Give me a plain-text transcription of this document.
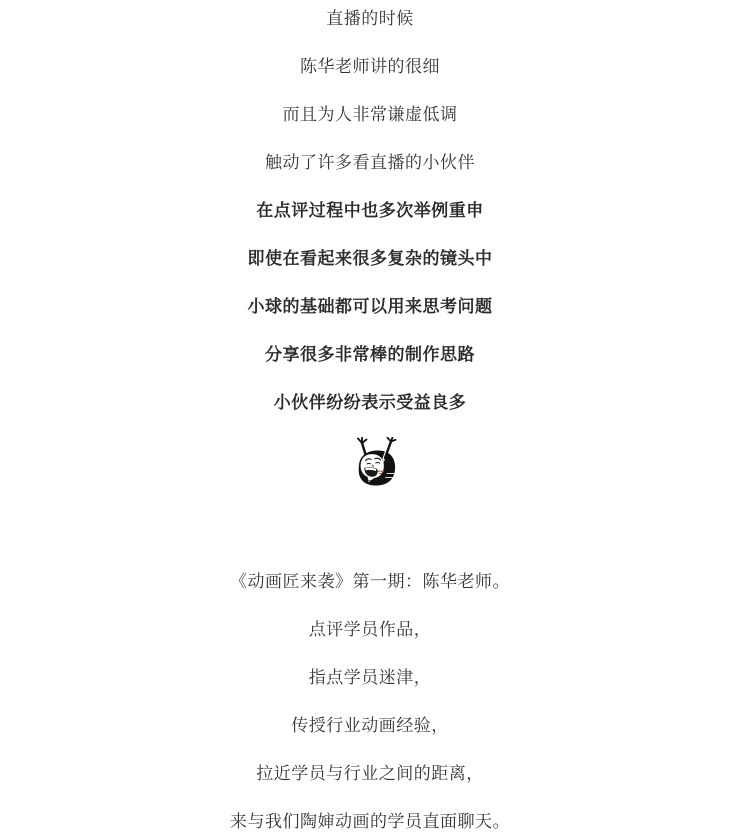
直播的时候

陈华老师讲的很细

而且为人非常谦虚低调

触动了许多看直播的小伙伴

在点评过程中也多次举例重申

即使在看起来很多复杂的镜头中

小球的基础都可以用来思考问题

分享很多非常棒的制作思路

小伙伴纷纷表示受益良多

《动画匠来袭》第一期：陈华老师。

点评学员作品，

指点学员迷津，

传授行业动画经验，

拉近学员与行业之间的距离，

来与我们陶婶动画的学员直面聊天。
